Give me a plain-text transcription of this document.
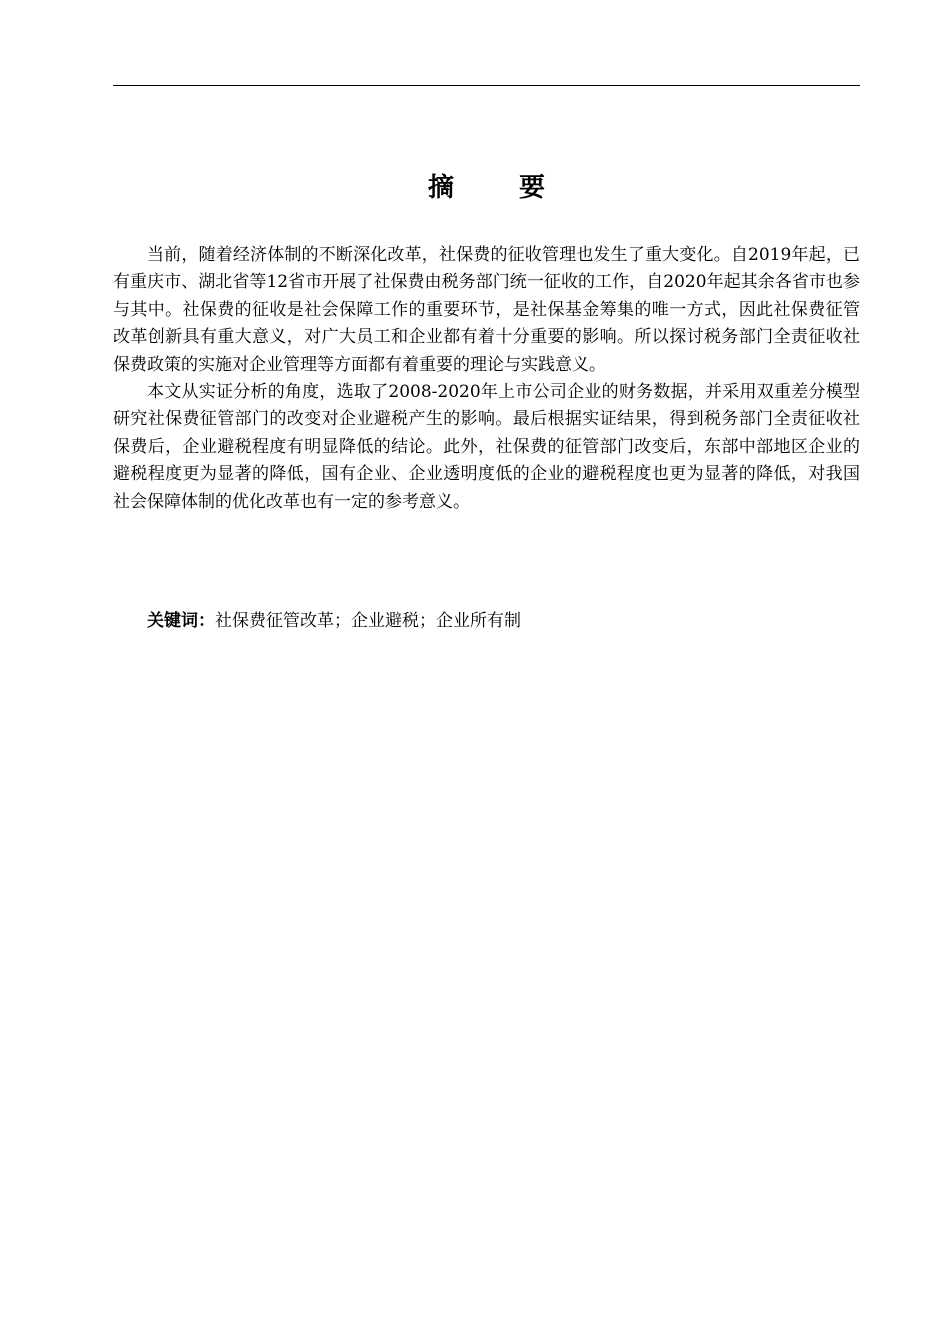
摘 要

当前，随着经济体制的不断深化改革，社保费的征收管理也发生了重大变化。自2019年起，已有重庆市、湖北省等12省市开展了社保费由税务部门统一征收的工作，自2020年起其余各省市也参与其中。社保费的征收是社会保障工作的重要环节，是社保基金筹集的唯一方式，因此社保费征管改革创新具有重大意义，对广大员工和企业都有着十分重要的影响。所以探讨税务部门全责征收社保费政策的实施对企业管理等方面都有着重要的理论与实践意义。

本文从实证分析的角度，选取了2008-2020年上市公司企业的财务数据，并采用双重差分模型研究社保费征管部门的改变对企业避税产生的影响。最后根据实证结果，得到税务部门全责征收社保费后，企业避税程度有明显降低的结论。此外，社保费的征管部门改变后，东部中部地区企业的避税程度更为显著的降低，国有企业、企业透明度低的企业的避税程度也更为显著的降低，对我国社会保障体制的优化改革也有一定的参考意义。

关键词：社保费征管改革；企业避税；企业所有制
